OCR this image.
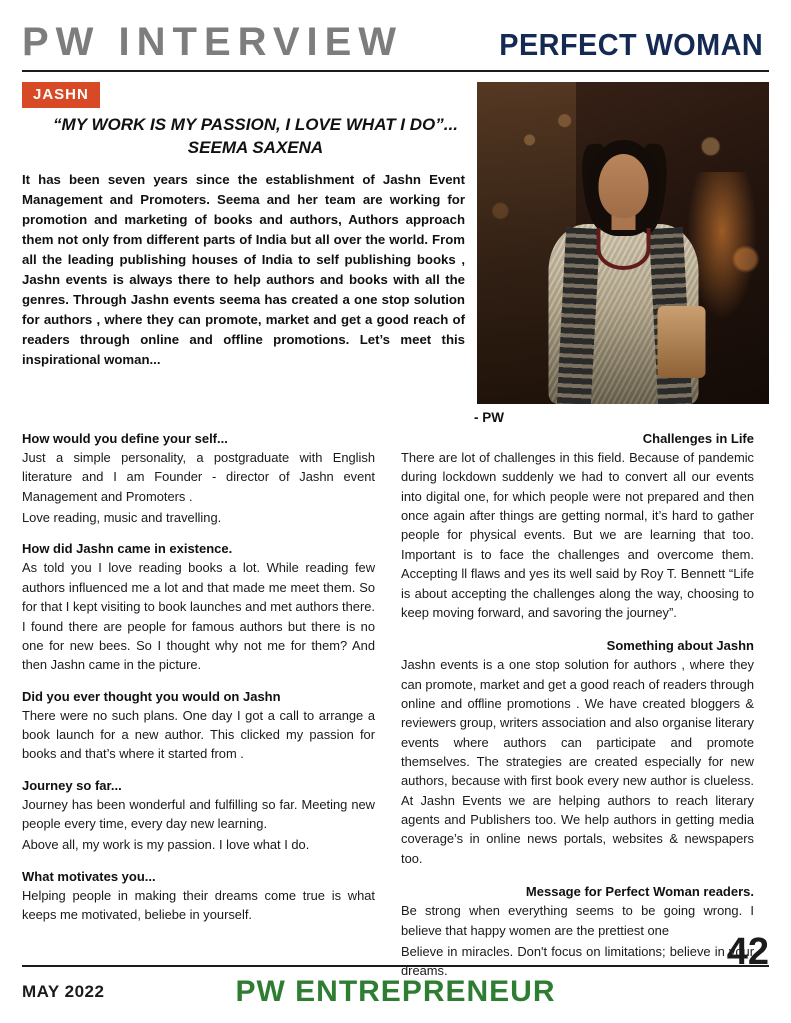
PW INTERVIEW	PERFECT WOMAN
JASHN
“MY WORK IS MY PASSION, I LOVE WHAT I DO”... SEEMA SAXENA
It has been seven years since the establishment of Jashn Event Management and Promoters. Seema and her team are working for promotion and marketing of books and authors, Authors approach them not only from different parts of India but all over the world. From all the leading publishing houses of India to self publishing books , Jashn events is always there to help authors and books with all the genres. Through Jashn events seema has created a one stop solution for authors , where they can promote, market and get a good reach of readers through online and offline promotions. Let’s meet this inspirational woman...
- PW
How would you define your self...
Just a simple personality, a postgraduate with English literature and I am Founder - director of Jashn event Management and Promoters .
Love reading, music and travelling.
How did Jashn came in existence.
As told you I love reading books a lot. While reading few authors influenced me a lot and that made me meet them. So for that I kept visiting to book launches and met authors there. I found there are people for famous authors but there is no one for new bees. So I thought why not me for them? And then Jashn came in the picture.
Did you ever thought you would on Jashn
There were no such plans. One day I got a call to arrange a book launch for a new author. This clicked my passion for books and that’s where it started from .
Journey so far...
Journey has been wonderful and fulfilling so far. Meeting new people every time, every day new learning.
Above all, my work is my passion. I love what I do.
What motivates you...
Helping people in making their dreams come true is what keeps me motivated, beliebe in yourself.
Challenges in Life
There are lot of challenges in this field. Because of pandemic during lockdown suddenly we had to convert all our events into digital one, for which people were not prepared and then once again after things are getting normal, it’s hard to gather people for physical events. But we are learning that too. Important is to face the challenges and overcome them. Accepting ll flaws and yes its well said by Roy T. Bennett “Life is about accepting the challenges along the way, choosing to keep moving forward, and savoring the journey”.
Something about Jashn
Jashn events is a one stop solution for authors , where they can promote, market and get a good reach of readers through online and offline promotions . We have created bloggers & reviewers group, writers association and also organise literary events where authors can participate and promote themselves. The strategies are created especially for new authors, because with first book every new author is clueless. At Jashn Events we are helping authors to reach literary agents and Publishers too. We help authors in getting media coverage’s in online news portals, websites & newspapers too.
Message for Perfect Woman readers.
Be strong when everything seems to be going wrong. I believe that happy women are the prettiest one
Believe in miracles. Don't focus on limitations; believe in your dreams.	42
MAY 2022	PW ENTREPRENEUR
